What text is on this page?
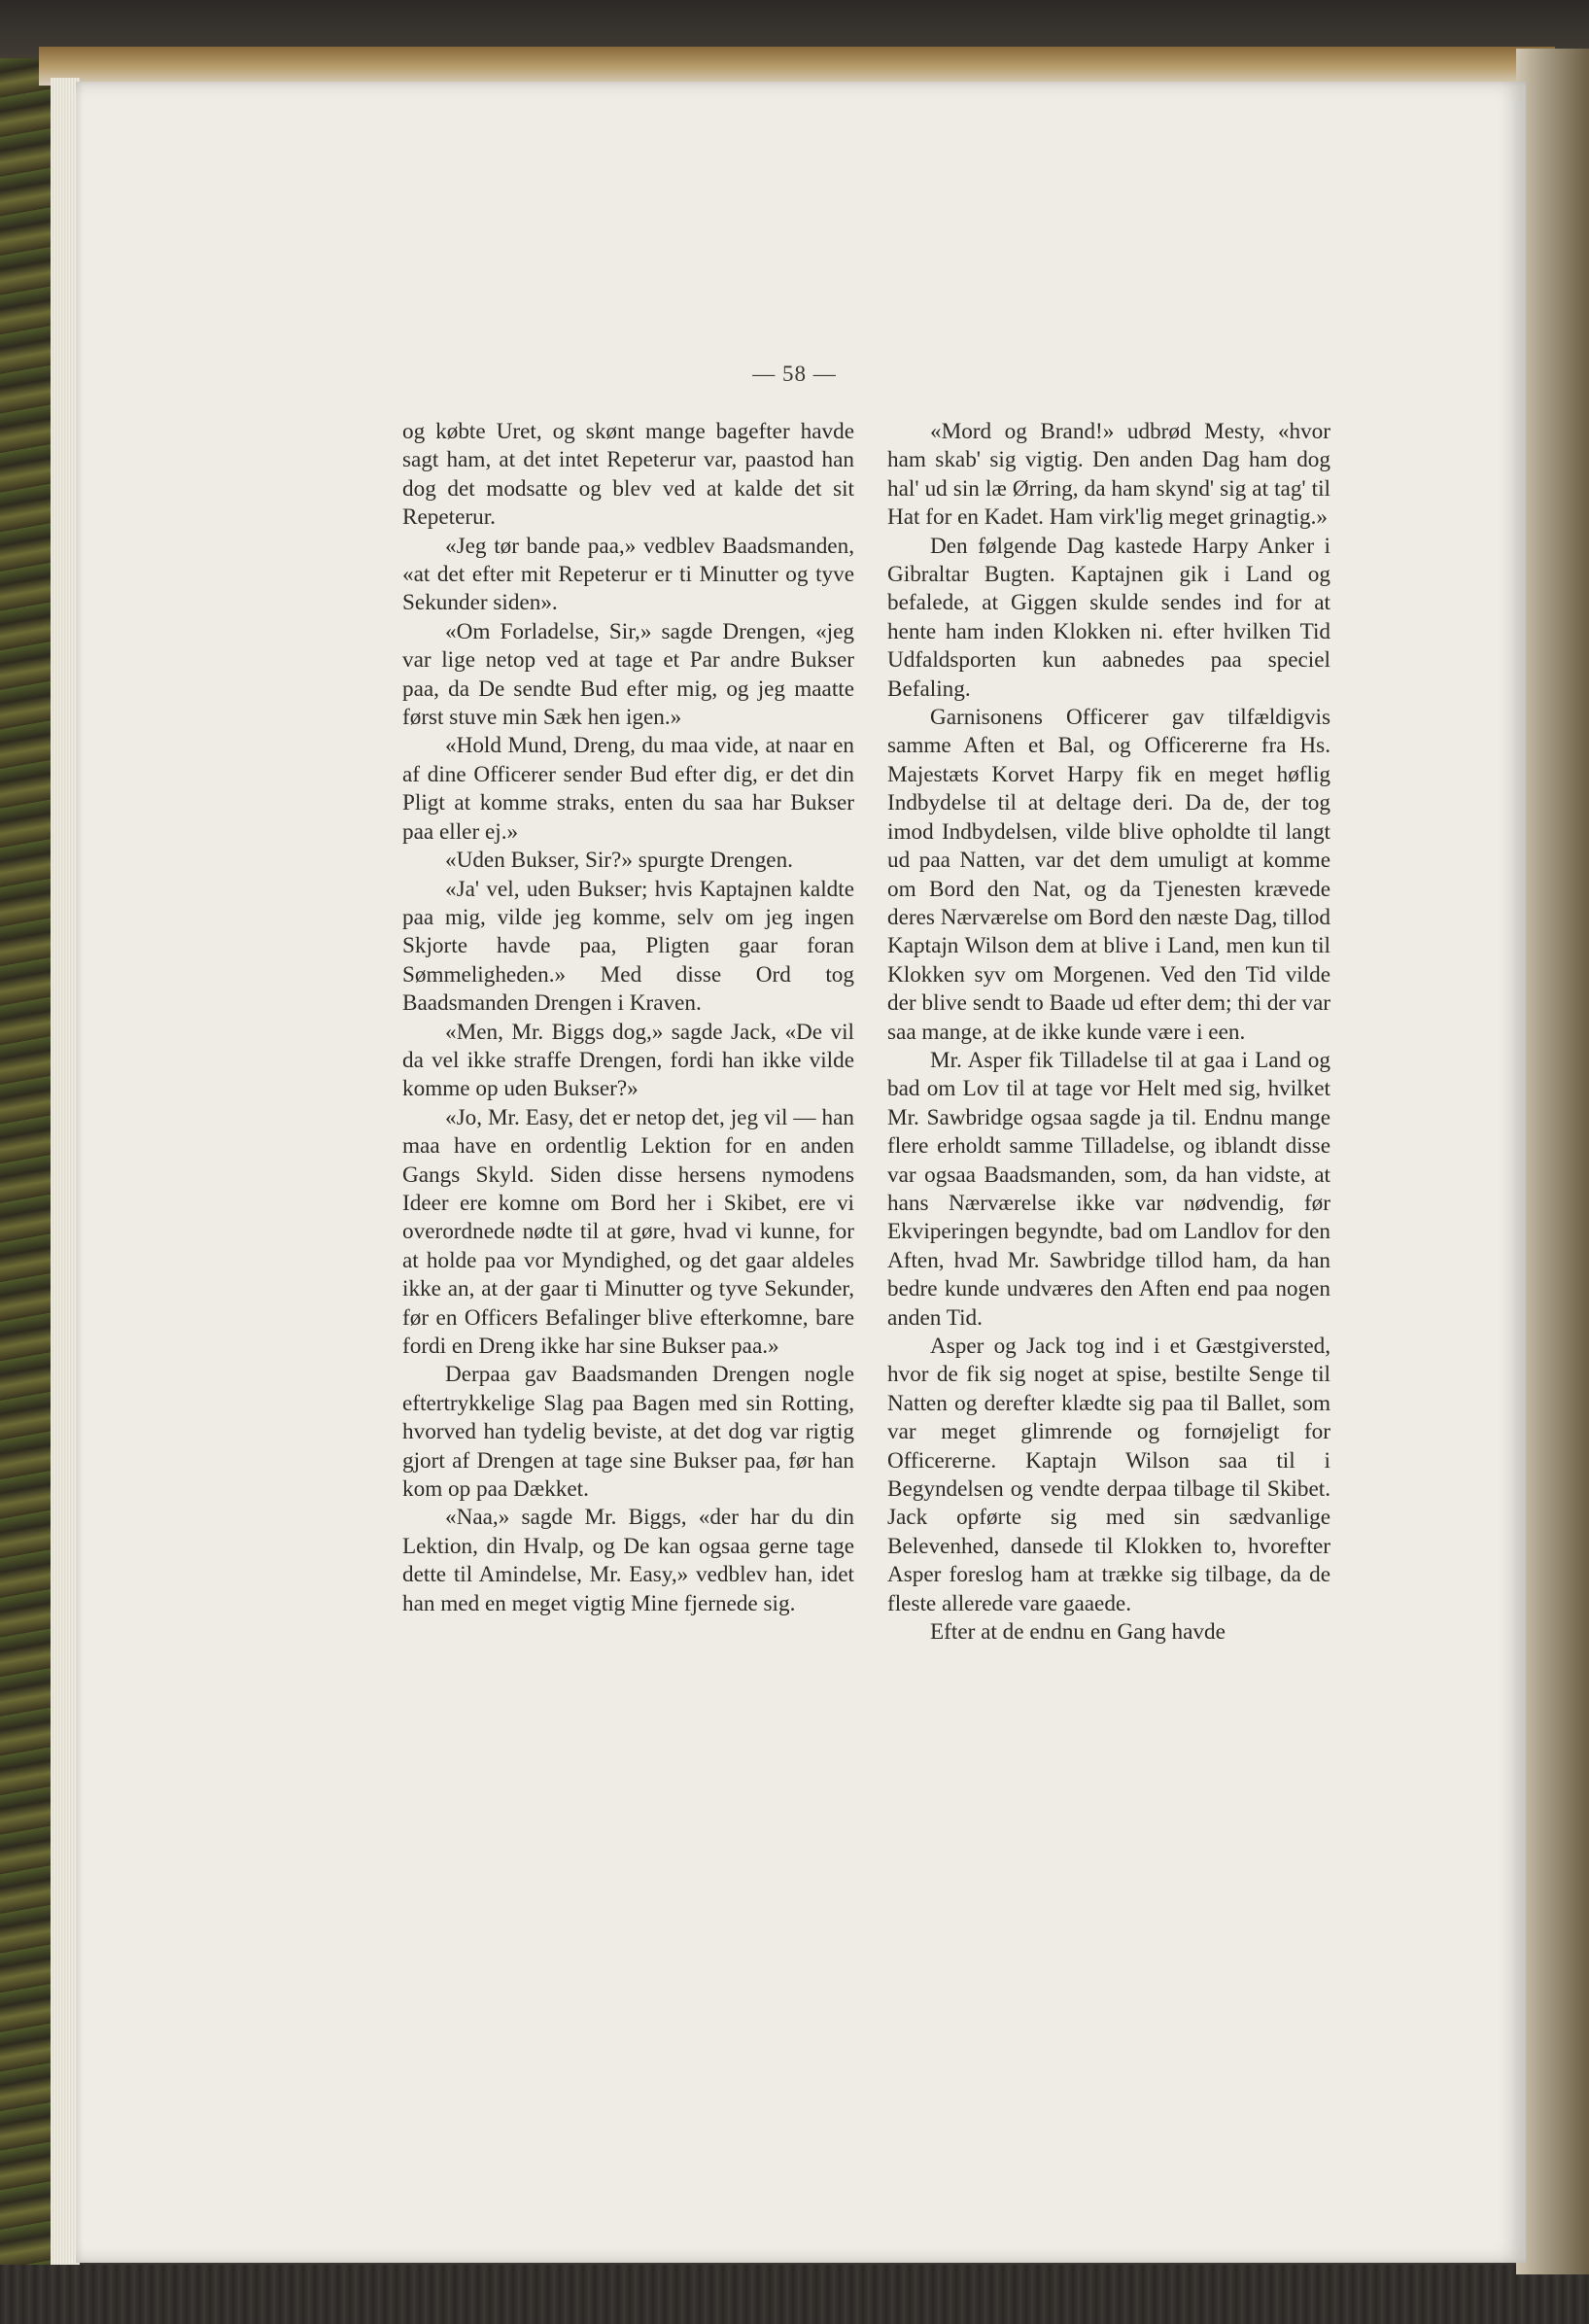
— 58 —

og købte Uret, og skønt mange bagefter havde sagt ham, at det intet Repeterur var, paastod han dog det modsatte og blev ved at kalde det sit Repeterur.

«Jeg tør bande paa,» vedblev Baadsmanden, «at det efter mit Repeterur er ti Minutter og tyve Sekunder siden».

«Om Forladelse, Sir,» sagde Drengen, «jeg var lige netop ved at tage et Par andre Bukser paa, da De sendte Bud efter mig, og jeg maatte først stuve min Sæk hen igen.»

«Hold Mund, Dreng, du maa vide, at naar en af dine Officerer sender Bud efter dig, er det din Pligt at komme straks, enten du saa har Bukser paa eller ej.»

«Uden Bukser, Sir?» spurgte Drengen.

«Ja' vel, uden Bukser; hvis Kaptajnen kaldte paa mig, vilde jeg komme, selv om jeg ingen Skjorte havde paa, Pligten gaar foran Sømmeligheden.» Med disse Ord tog Baadsmanden Drengen i Kraven.

«Men, Mr. Biggs dog,» sagde Jack, «De vil da vel ikke straffe Drengen, fordi han ikke vilde komme op uden Bukser?»

«Jo, Mr. Easy, det er netop det, jeg vil — han maa have en ordentlig Lektion for en anden Gangs Skyld. Siden disse hersens nymodens Ideer ere komne om Bord her i Skibet, ere vi overordnede nødte til at gøre, hvad vi kunne, for at holde paa vor Myndighed, og det gaar aldeles ikke an, at der gaar ti Minutter og tyve Sekunder, før en Officers Befalinger blive efterkomne, bare fordi en Dreng ikke har sine Bukser paa.»

Derpaa gav Baadsmanden Drengen nogle eftertrykkelige Slag paa Bagen med sin Rotting, hvorved han tydelig beviste, at det dog var rigtig gjort af Drengen at tage sine Bukser paa, før han kom op paa Dækket.

«Naa,» sagde Mr. Biggs, «der har du din Lektion, din Hvalp, og De kan ogsaa gerne tage dette til Amindelse, Mr. Easy,» vedblev han, idet han med en meget vigtig Mine fjernede sig.

«Mord og Brand!» udbrød Mesty, «hvor ham skab' sig vigtig. Den anden Dag ham dog hal' ud sin læ Ørring, da ham skynd' sig at tag' til Hat for en Kadet. Ham virk'lig meget grinagtig.»

Den følgende Dag kastede Harpy Anker i Gibraltar Bugten. Kaptajnen gik i Land og befalede, at Giggen skulde sendes ind for at hente ham inden Klokken ni. efter hvilken Tid Udfaldsporten kun aabnedes paa speciel Befaling.

Garnisonens Officerer gav tilfældigvis samme Aften et Bal, og Officererne fra Hs. Majestæts Korvet Harpy fik en meget høflig Indbydelse til at deltage deri. Da de, der tog imod Indbydelsen, vilde blive opholdte til langt ud paa Natten, var det dem umuligt at komme om Bord den Nat, og da Tjenesten krævede deres Nærværelse om Bord den næste Dag, tillod Kaptajn Wilson dem at blive i Land, men kun til Klokken syv om Morgenen. Ved den Tid vilde der blive sendt to Baade ud efter dem; thi der var saa mange, at de ikke kunde være i een.

Mr. Asper fik Tilladelse til at gaa i Land og bad om Lov til at tage vor Helt med sig, hvilket Mr. Sawbridge ogsaa sagde ja til. Endnu mange flere erholdt samme Tilladelse, og iblandt disse var ogsaa Baadsmanden, som, da han vidste, at hans Nærværelse ikke var nødvendig, før Ekviperingen begyndte, bad om Landlov for den Aften, hvad Mr. Sawbridge tillod ham, da han bedre kunde undværes den Aften end paa nogen anden Tid.

Asper og Jack tog ind i et Gæstgiversted, hvor de fik sig noget at spise, bestilte Senge til Natten og derefter klædte sig paa til Ballet, som var meget glimrende og fornøjeligt for Officererne. Kaptajn Wilson saa til i Begyndelsen og vendte derpaa tilbage til Skibet. Jack opførte sig med sin sædvanlige Belevenhed, dansede til Klokken to, hvorefter Asper foreslog ham at trække sig tilbage, da de fleste allerede vare gaaede.

Efter at de endnu en Gang havde
